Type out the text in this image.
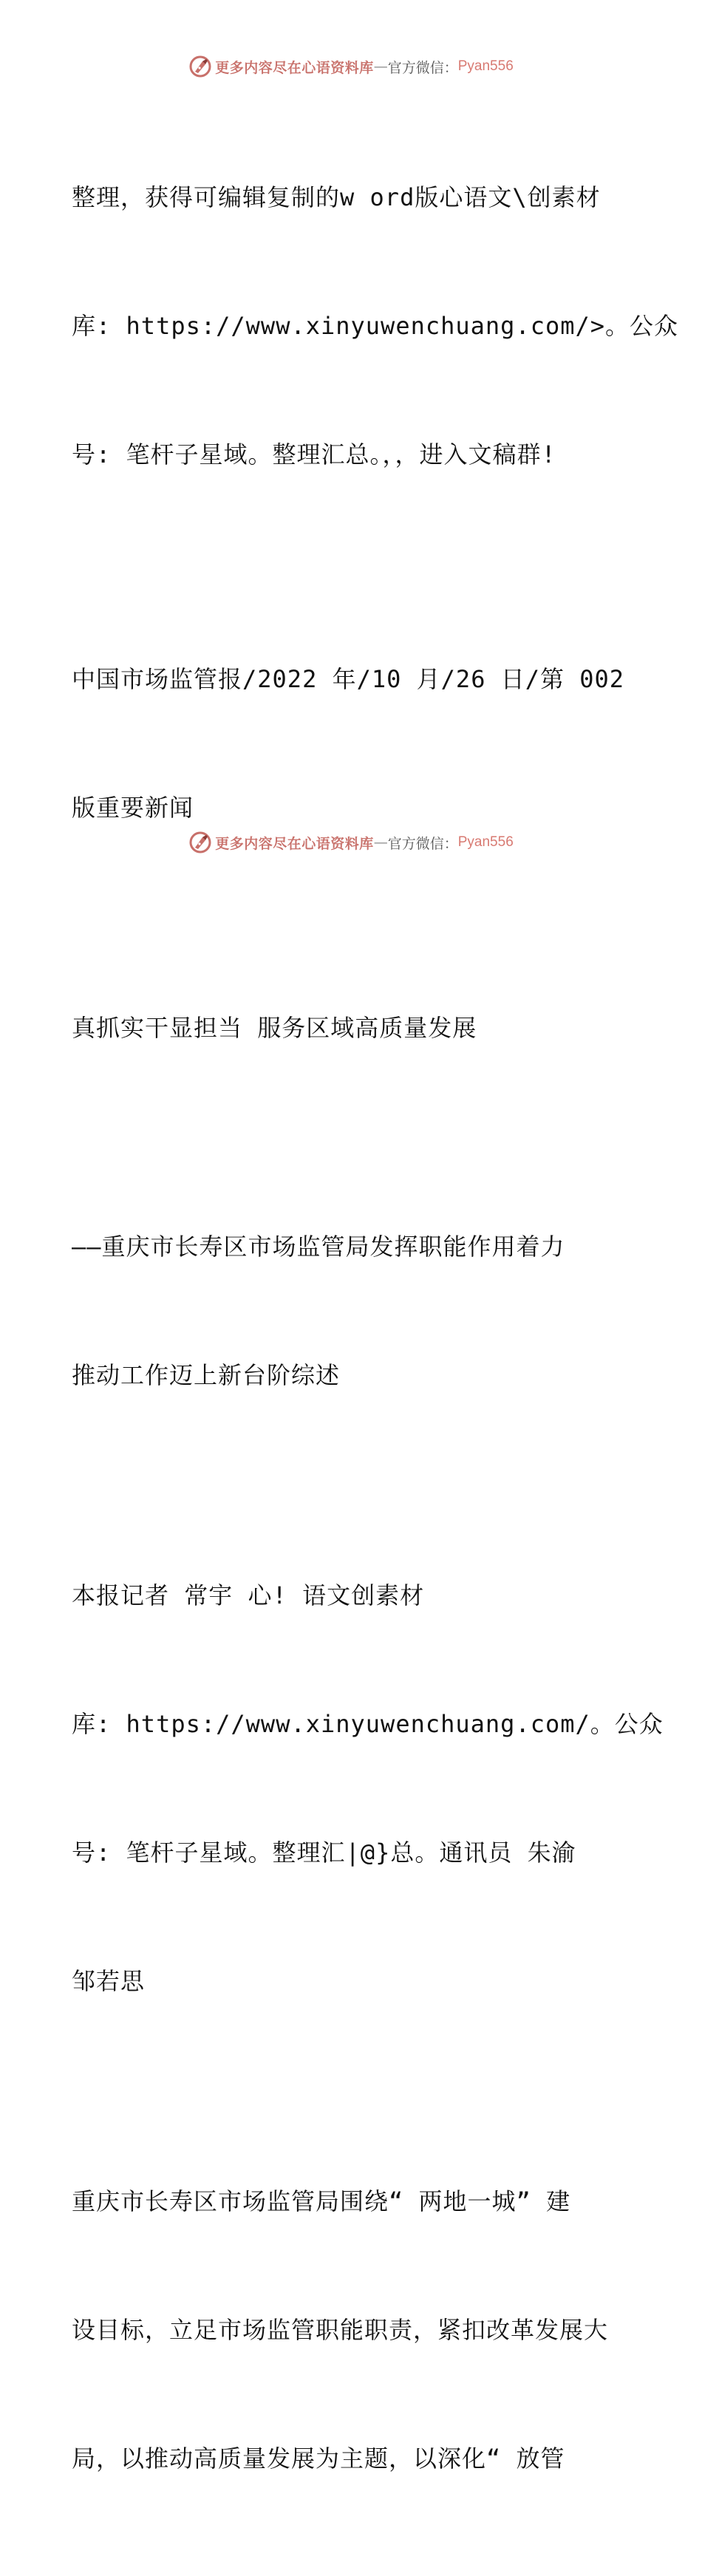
更多内容尽在心语资料库 — 官方微信： Pyan556

整理，获得可编辑复制的w ord版心语文\创素材

库: https://www.xinyuwenchuang.com/>。公众

号: 笔杆子星域。整理汇总。，，进入文稿群!

中国市场监管报/2022 年/10 月/26 日/第 002

版重要新闻

真抓实干显担当 服务区域高质量发展

——重庆市长寿区市场监管局发挥职能作用着力

推动工作迈上新台阶综述

本报记者 常宇 心! 语文创素材

库: https://www.xinyuwenchuang.com/。公众

号: 笔杆子星域。整理汇|@}总。通讯员 朱渝

邹若思

重庆市长寿区市场监管局围绕“ 两地一城” 建

设目标，立足市场监管职能职责，紧扣改革发展大

局，以推动高质量发展为主题，以深化“ 放管

更多内容尽在心语资料库 — 官方微信： Pyan556
